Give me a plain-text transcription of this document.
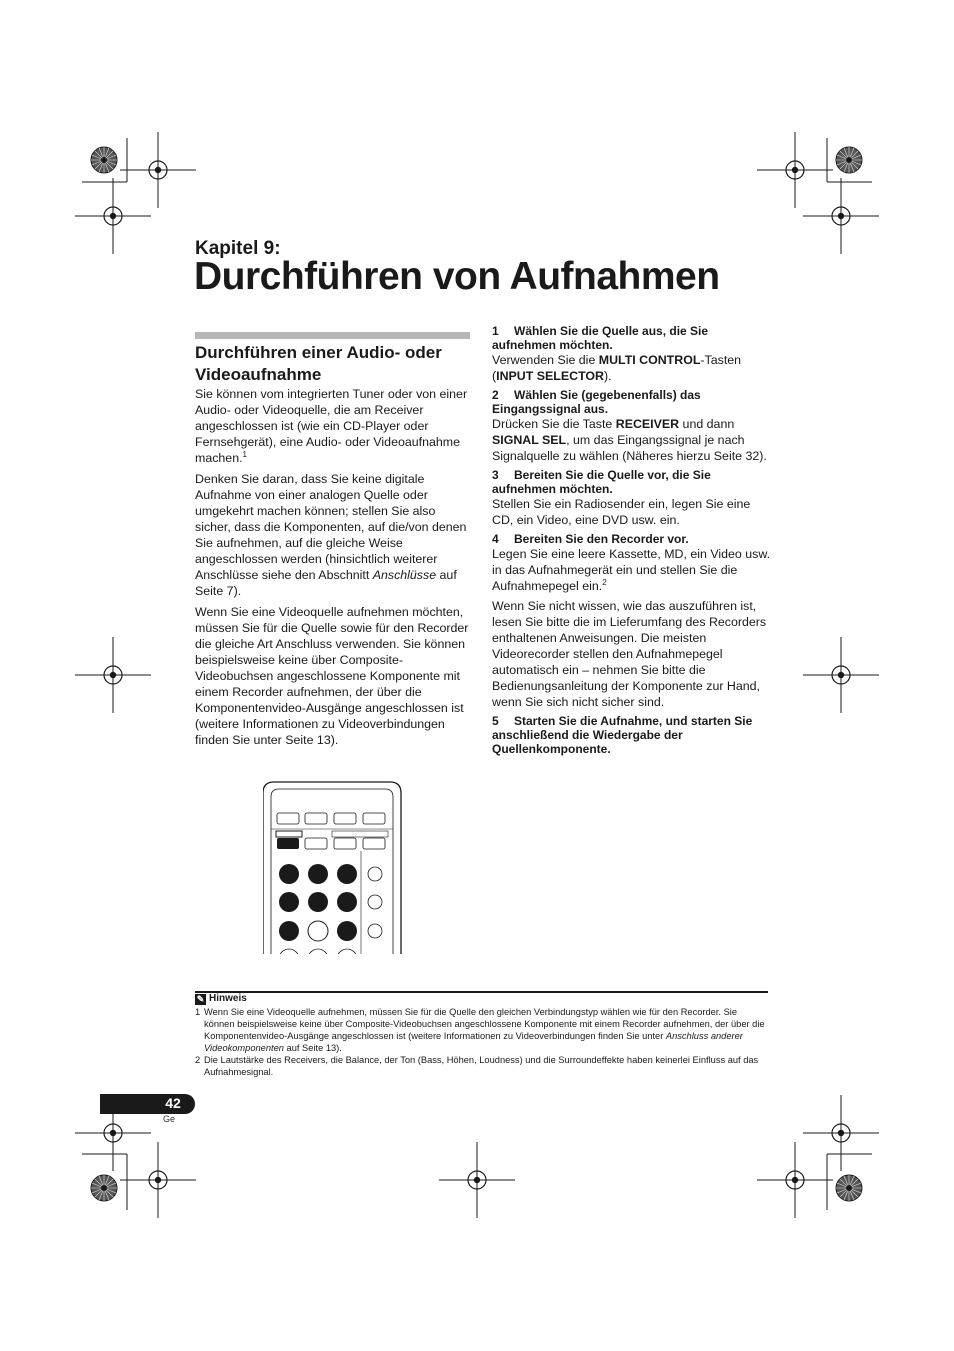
Kapitel 9:
Durchführen von Aufnahmen
Durchführen einer Audio- oder Videoaufnahme

Sie können vom integrierten Tuner oder von einer Audio- oder Videoquelle, die am Receiver angeschlossen ist (wie ein CD-Player oder Fernsehgerät), eine Audio- oder Videoaufnahme machen.$^1$

Denken Sie daran, dass Sie keine digitale Aufnahme von einer analogen Quelle oder umgekehrt machen können; stellen Sie also sicher, dass die Komponenten, auf die/von denen Sie aufnehmen, auf die gleiche Weise angeschlossen werden (hinsichtlich weiterer Anschlüsse siehe den Abschnitt Anschlüsse auf Seite 7).

Wenn Sie eine Videoquelle aufnehmen möchten, müssen Sie für die Quelle sowie für den Recorder die gleiche Art Anschluss verwenden. Sie können beispielsweise keine über Composite-Videobuchsen angeschlossene Komponente mit einem Recorder aufnehmen, der über die Komponentenvideo-Ausgänge angeschlossen ist (weitere Informationen zu Videoverbindungen finden Sie unter Seite 13).

1 Wählen Sie die Quelle aus, die Sie aufnehmen möchten.

Verwenden Sie die MULTI CONTROL-Tasten (INPUT SELECTOR).

2 Wählen Sie (gegebenenfalls) das Eingangssignal aus.

Drücken Sie die Taste RECEIVER und dann SIGNAL SEL, um das Eingangssignal je nach Signalquelle zu wählen (Näheres hierzu Seite 32).

3 Bereiten Sie die Quelle vor, die Sie aufnehmen möchten.

Stellen Sie ein Radiosender ein, legen Sie eine CD, ein Video, eine DVD usw. ein.

4 Bereiten Sie den Recorder vor.

Legen Sie eine leere Kassette, MD, ein Video usw. in das Aufnahmegerät ein und stellen Sie die Aufnahmepegel ein.$^2$

Wenn Sie nicht wissen, wie das auszuführen ist, lesen Sie bitte die im Lieferumfang des Recorders enthaltenen Anweisungen. Die meisten Videorecorder stellen den Aufnahmepegel automatisch ein – nehmen Sie bitte die Bedienungsanleitung der Komponente zur Hand, wenn Sie sich nicht sicher sind.

5 Starten Sie die Aufnahme, und starten Sie anschließend die Wiedergabe der Quellenkomponente.

✎ Hinweis

1 Wenn Sie eine Videoquelle aufnehmen, müssen Sie für die Quelle den gleichen Verbindungstyp wählen wie für den Recorder. Sie können beispielsweise keine über Composite-Videobuchsen angeschlossene Komponente mit einem Recorder aufnehmen, der über die Komponentenvideo-Ausgänge angeschlossen ist (weitere Informationen zu Videoverbindungen finden Sie unter Anschluss anderer Videokomponenten auf Seite 13).

2 Die Lautstärke des Receivers, die Balance, der Ton (Bass, Höhen, Loudness) und die Surroundeffekte haben keinerlei Einfluss auf das Aufnahmesignal.

42
Ge
